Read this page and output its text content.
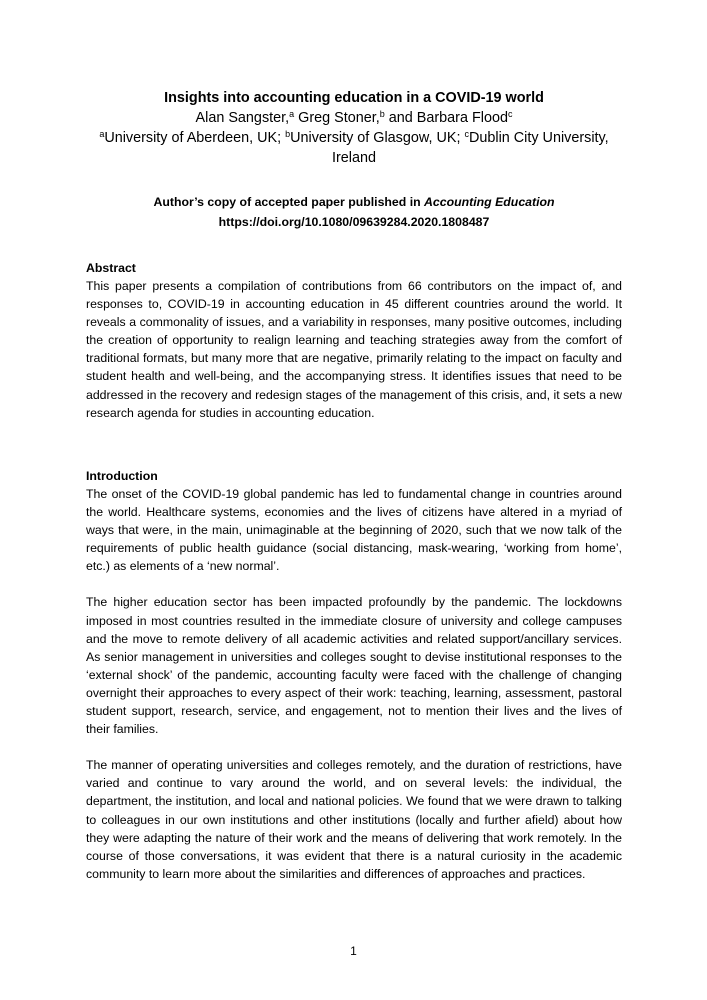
Insights into accounting education in a COVID-19 world

Alan Sangster,$^a$ Greg Stoner,$^b$ and Barbara Flood$^c$

$^a$University of Aberdeen, UK; $^b$University of Glasgow, UK; $^c$Dublin City University, Ireland

Author’s copy of accepted paper published in Accounting Education

https://doi.org/10.1080/09639284.2020.1808487

Abstract

This paper presents a compilation of contributions from 66 contributors on the impact of, and responses to, COVID-19 in accounting education in 45 different countries around the world. It reveals a commonality of issues, and a variability in responses, many positive outcomes, including the creation of opportunity to realign learning and teaching strategies away from the comfort of traditional formats, but many more that are negative, primarily relating to the impact on faculty and student health and well-being, and the accompanying stress. It identifies issues that need to be addressed in the recovery and redesign stages of the management of this crisis, and, it sets a new research agenda for studies in accounting education.

Introduction

The onset of the COVID-19 global pandemic has led to fundamental change in countries around the world. Healthcare systems, economies and the lives of citizens have altered in a myriad of ways that were, in the main, unimaginable at the beginning of 2020, such that we now talk of the requirements of public health guidance (social distancing, mask-wearing, ‘working from home’, etc.) as elements of a ‘new normal’.

The higher education sector has been impacted profoundly by the pandemic. The lockdowns imposed in most countries resulted in the immediate closure of university and college campuses and the move to remote delivery of all academic activities and related support/ancillary services. As senior management in universities and colleges sought to devise institutional responses to the ‘external shock’ of the pandemic, accounting faculty were faced with the challenge of changing overnight their approaches to every aspect of their work: teaching, learning, assessment, pastoral student support, research, service, and engagement, not to mention their lives and the lives of their families.

The manner of operating universities and colleges remotely, and the duration of restrictions, have varied and continue to vary around the world, and on several levels: the individual, the department, the institution, and local and national policies. We found that we were drawn to talking to colleagues in our own institutions and other institutions (locally and further afield) about how they were adapting the nature of their work and the means of delivering that work remotely. In the course of those conversations, it was evident that there is a natural curiosity in the academic community to learn more about the similarities and differences of approaches and practices.

1
